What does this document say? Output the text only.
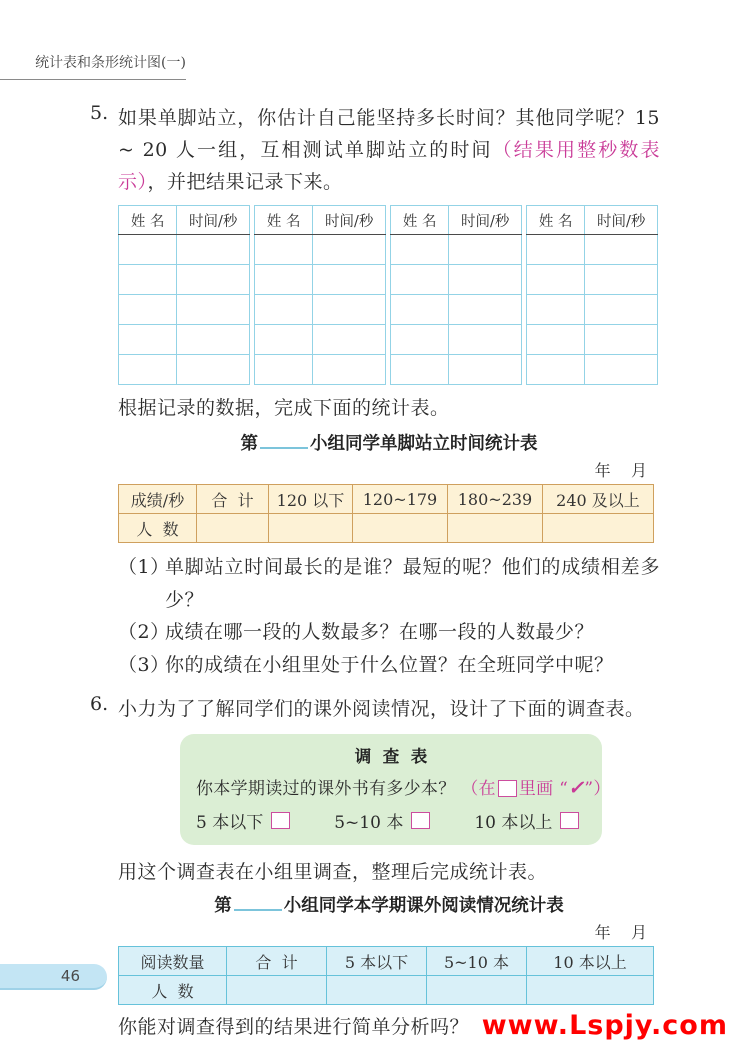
统计表和条形统计图(一)
5. 如果单脚站立，你估计自己能坚持多长时间？其他同学呢？15 ~ 20 人一组，互相测试单脚站立的时间（结果用整秒数表示），并把结果记录下来。
姓 名	时间/秒

	姓 名	时间/秒

	姓 名	时间/秒

	姓 名	时间/秒

根据记录的数据，完成下面的统计表。
第	小组同学单脚站立时间统计表
年    月
成绩/秒	合  计	120 以下	120~179	180~239	240 及以上
人  数					
（1）
单脚站立时间最长的是谁？最短的呢？他们的成绩相差多少？
（2）
成绩在哪一段的人数最多？在哪一段的人数最少？
（3）
你的成绩在小组里处于什么位置？在全班同学中呢？
6. 小力为了了解同学们的课外阅读情况，设计了下面的调查表。
调  查  表
你本学期读过的课外书有多少本？ （在 里画 “✓”）
5 本以下	5~10 本	10 本以上
用这个调查表在小组里调查，整理后完成统计表。
第	小组同学本学期课外阅读情况统计表
年    月
阅读数量	合  计	5 本以下	5~10 本	10 本以上
人  数				
你能对调查得到的结果进行简单分析吗？
46
www.Lspjy.com
